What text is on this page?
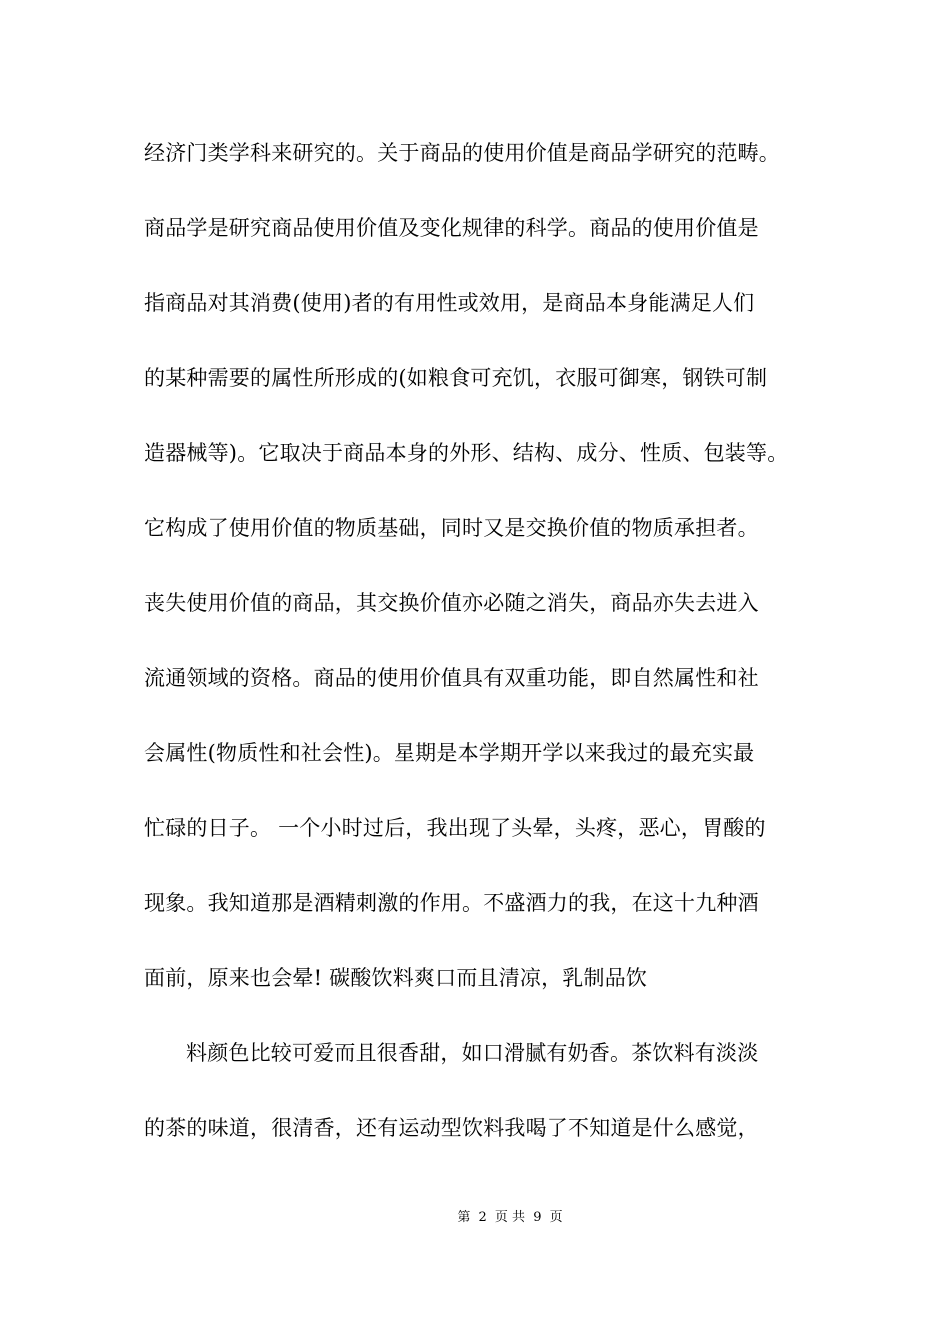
经济门类学科来研究的。关于商品的使用价值是商品学研究的范畴。
商品学是研究商品使用价值及变化规律的科学。商品的使用价值是
指商品对其消费(使用)者的有用性或效用，是商品本身能满足人们
的某种需要的属性所形成的(如粮食可充饥，衣服可御寒，钢铁可制
造器械等)。它取决于商品本身的外形、结构、成分、性质、包装等。
它构成了使用价值的物质基础，同时又是交换价值的物质承担者。
丧失使用价值的商品，其交换价值亦必随之消失，商品亦失去进入
流通领域的资格。商品的使用价值具有双重功能，即自然属性和社
会属性(物质性和社会性)。星期是本学期开学以来我过的最充实最
忙碌的日子。 一个小时过后，我出现了头晕，头疼，恶心，胃酸的
现象。我知道那是酒精刺激的作用。不盛酒力的我，在这十九种酒
面前，原来也会晕! 碳酸饮料爽口而且清凉，乳制品饮
料颜色比较可爱而且很香甜，如口滑腻有奶香。茶饮料有淡淡
的茶的味道，很清香，还有运动型饮料我喝了不知道是什么感觉，
第 2 页 共 9 页
